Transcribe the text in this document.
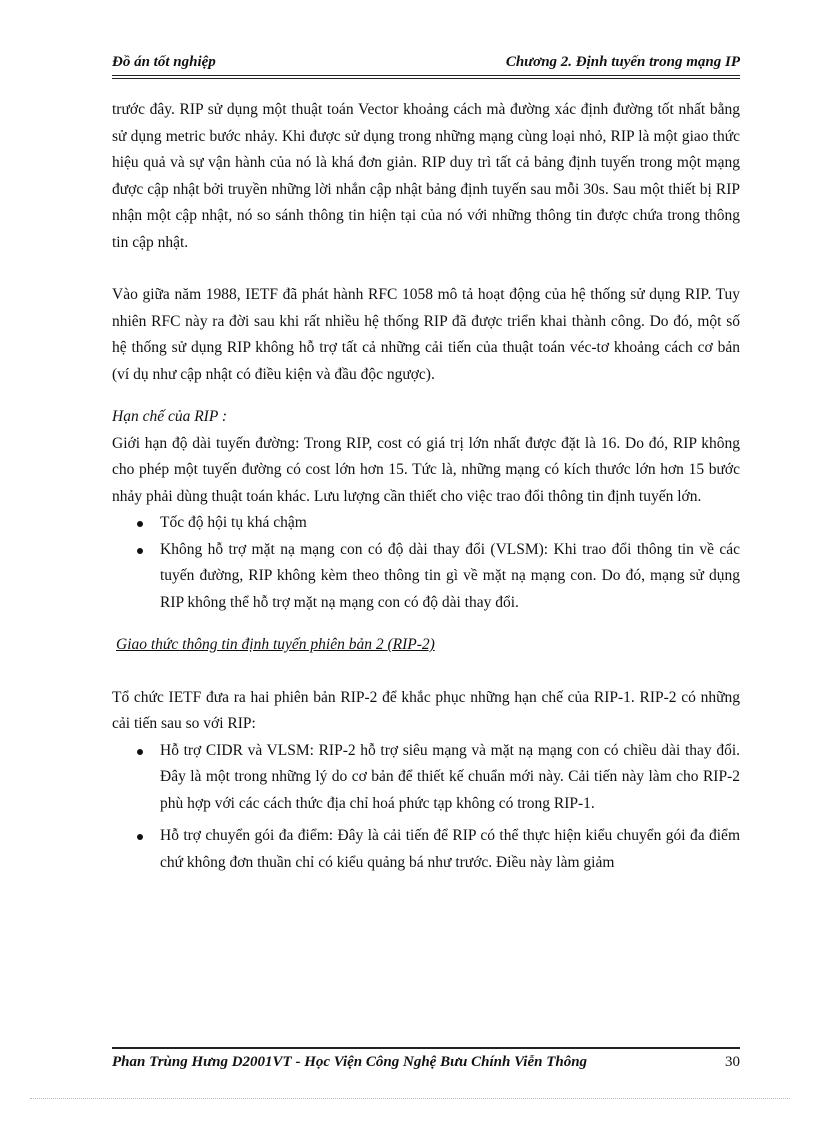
Đồ án tốt nghiệp	Chương 2. Định tuyến trong mạng IP

trước đây. RIP sử dụng một thuật toán Vector khoảng cách mà đường xác định đường tốt nhất bằng sử dụng metric bước nhảy. Khi được sử dụng trong những mạng cùng loại nhỏ, RIP là một giao thức hiệu quả và sự vận hành của nó là khá đơn giản. RIP duy trì tất cả bảng định tuyến trong một mạng được cập nhật bởi truyền những lời nhắn cập nhật bảng định tuyến sau mỗi 30s. Sau một thiết bị RIP nhận một cập nhật, nó so sánh thông tin hiện tại của nó với những thông tin được chứa trong thông tin cập nhật.

Vào giữa năm 1988, IETF đã phát hành RFC 1058 mô tả hoạt động của hệ thống sử dụng RIP. Tuy nhiên RFC này ra đời sau khi rất nhiều hệ thống RIP đã được triển khai thành công. Do đó, một số hệ thống sử dụng RIP không hỗ trợ tất cả những cải tiến của thuật toán véc-tơ khoảng cách cơ bản (ví dụ như cập nhật có điều kiện và đầu độc ngược).

Hạn chế của RIP :

Giới hạn độ dài tuyến đường: Trong RIP, cost có giá trị lớn nhất được đặt là 16. Do đó, RIP không cho phép một tuyến đường có cost lớn hơn 15. Tức là, những mạng có kích thước lớn hơn 15 bước nhảy phải dùng thuật toán khác. Lưu lượng cần thiết cho việc trao đổi thông tin định tuyến lớn.

Tốc độ hội tụ khá chậm
Không hỗ trợ mặt nạ mạng con có độ dài thay đổi (VLSM): Khi trao đổi thông tin về các tuyến đường, RIP không kèm theo thông tin gì về mặt nạ mạng con. Do đó, mạng sử dụng RIP không thể hỗ trợ mặt nạ mạng con có độ dài thay đổi.

Giao thức thông tin định tuyến phiên bản 2 (RIP-2)

Tổ chức IETF đưa ra hai phiên bản RIP-2 để khắc phục những hạn chế của RIP-1. RIP-2 có những cải tiến sau so với RIP:

Hỗ trợ CIDR và VLSM: RIP-2 hỗ trợ siêu mạng và mặt nạ mạng con có chiều dài thay đổi. Đây là một trong những lý do cơ bản để thiết kế chuẩn mới này. Cải tiến này làm cho RIP-2 phù hợp với các cách thức địa chỉ hoá phức tạp không có trong RIP-1.
Hỗ trợ chuyển gói đa điểm: Đây là cải tiến để RIP có thể thực hiện kiểu chuyển gói đa điểm chứ không đơn thuần chỉ có kiểu quảng bá như trước. Điều này làm giảm
Phan Trùng Hưng D2001VT - Học Viện Công Nghệ Bưu Chính Viễn Thông	30
